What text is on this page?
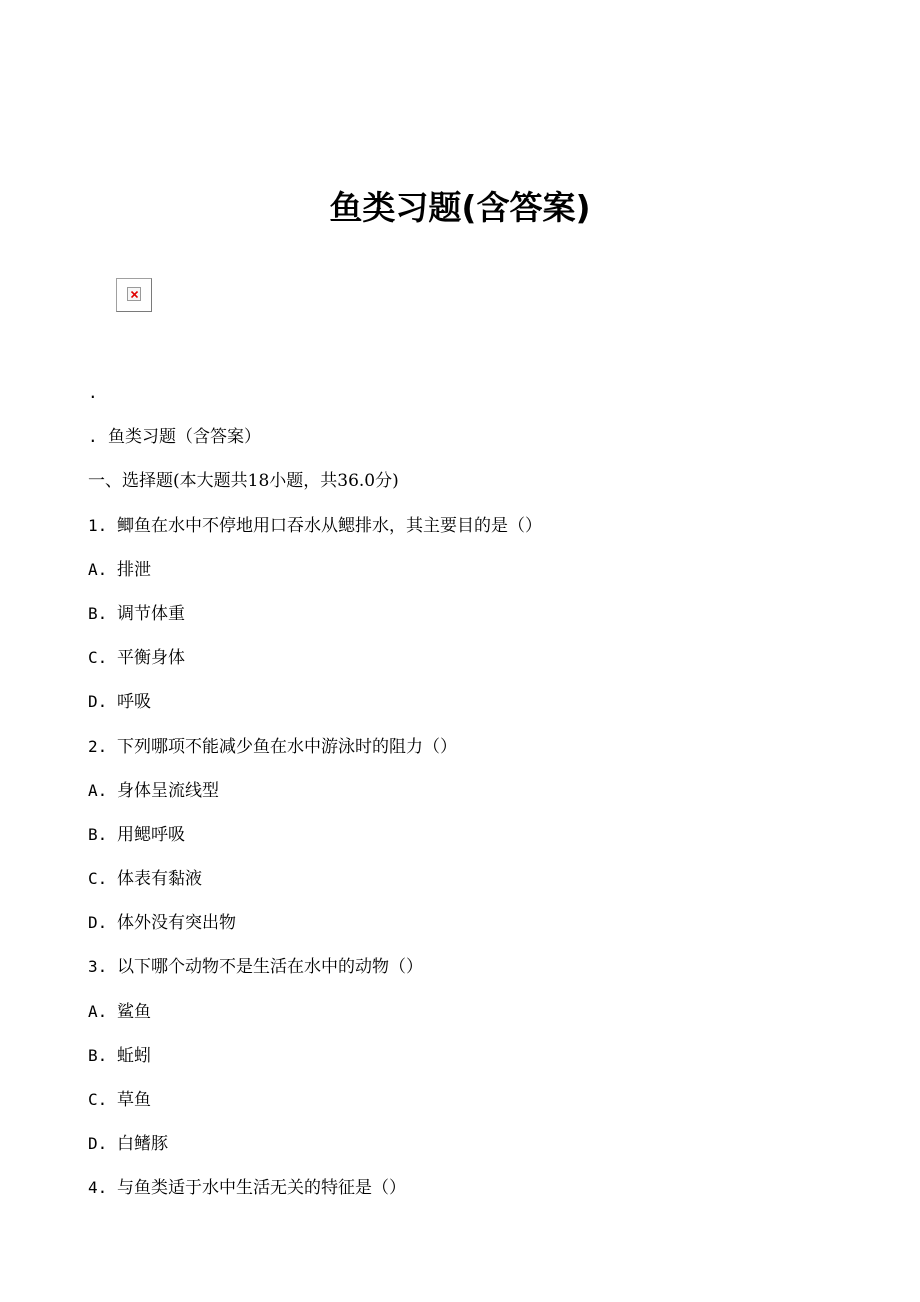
鱼类习题(含答案)
.
. 鱼类习题（含答案）
一、选择题(本大题共18小题，共36.0分)
1. 鲫鱼在水中不停地用口吞水从鳃排水，其主要目的是（）
A. 排泄
B. 调节体重
C. 平衡身体
D. 呼吸
2. 下列哪项不能减少鱼在水中游泳时的阻力（）
A. 身体呈流线型
B. 用鳃呼吸
C. 体表有黏液
D. 体外没有突出物
3. 以下哪个动物不是生活在水中的动物（）
A. 鲨鱼
B. 蚯蚓
C. 草鱼
D. 白鳍豚
4. 与鱼类适于水中生活无关的特征是（）
